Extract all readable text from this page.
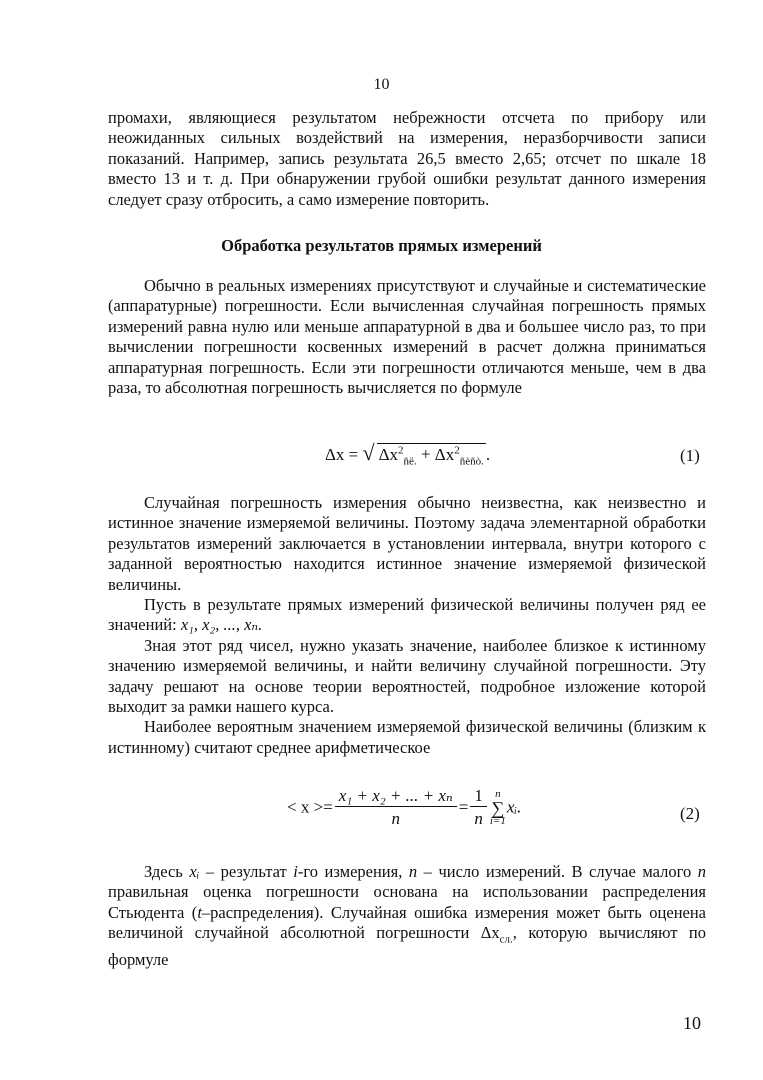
10

промахи, являющиеся результатом небрежности отсчета по прибору или неожиданных сильных воздействий на измерения, неразборчивости записи показаний. Например, запись результата 26,5 вместо 2,65; отсчет по шкале 18 вместо 13 и т. д. При обнаружении грубой ошибки результат данного измерения следует сразу отбросить, а само измерение повторить.

Обработка результатов прямых измерений

Обычно в реальных измерениях присутствуют и случайные и систематические (аппаратурные) погрешности. Если вычисленная случайная погрешность прямых измерений равна нулю или меньше аппаратурной в два и большее число раз, то при вычислении погрешности косвенных измерений в расчет должна приниматься аппаратурная погрешность. Если эти погрешности отличаются меньше, чем в два раза, то абсолютная погрешность вычисляется по формуле

Δx = √ $\Delta x^2_{ñë.} + \Delta x^2_{ñèñò.}$ .	(1)

Случайная погрешность измерения обычно неизвестна, как неизвестно и истинное значение измеряемой величины. Поэтому задача элементарной обработки результатов измерений заключается в установлении интервала, внутри которого с заданной вероятностью находится истинное значение измеряемой физической величины.

Пусть в результате прямых измерений физической величины получен ряд ее значений: x₁, x₂, ..., xₙ.

Зная этот ряд чисел, нужно указать значение, наиболее близкое к истинному значению измеряемой величины, и найти величину случайной погрешности. Эту задачу решают на основе теории вероятностей, подробное изложение которой выходит за рамки нашего курса.

Наиболее вероятным значением измеряемой физической величины (близким к истинному) считают среднее арифметическое

< $x >= \frac{\text{x₁ + x₂ + ... + xₙ}}{n} = \frac{1}{n}$ n
∑
i=1xᵢ.	(2)

Здесь xᵢ – результат i-го измерения, n – число измерений. В случае малого n правильная оценка погрешности основана на использовании распределения Стьюдента (t–распределения). Случайная ошибка измерения может быть оценена величиной случайной абсолютной погрешности $\Delta x_{сл.}$, которую вычисляют по формуле

10
